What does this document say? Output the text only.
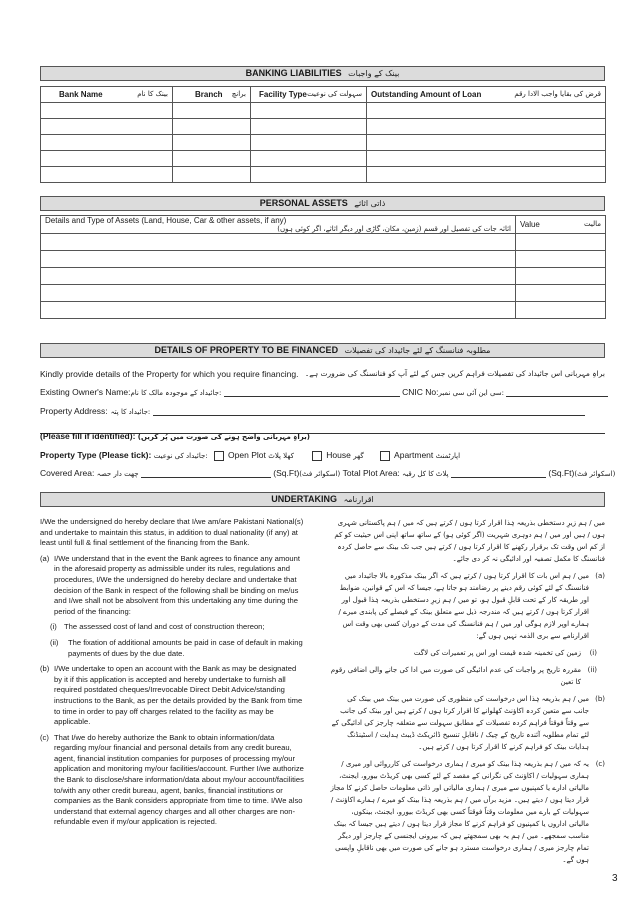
BANKING LIABILITIES بینک کے واجبات
Bank Name بینک کا نام	Branch برانچ	Facility Type سہولت کی نوعیت	Outstanding Amount of Loan قرض کی بقایا واجب الادا رقم

PERSONAL ASSETS ذاتی اثاثے
Details and Type of Assets (Land, House, Car & other assets, if any)
اثاثہ جات کی تفصیل اور قسم (زمین، مکان، گاڑی اور دیگر اثاثے، اگر کوئی ہوں)	Value مالیت

DETAILS OF PROPERTY TO BE FINANCED مطلوبہ فنانسنگ کے لئے جائیداد کی تفصیلات
Kindly provide details of the Property for which you require financing. براہِ مہربانی اس جائیداد کی تفصیلات فراہم کریں جس کے لئے آپ کو فنانسنگ کی ضرورت ہے۔
Existing Owner's Name:جائیداد کے موجودہ مالک کا نام:	CNIC No:سی این آئی سی نمبر:
Property Address: جائیداد کا پتہ:
(Please fill if identified): (براہِ مہربانی واضح ہونے کی صورت میں پُر کریں)
Property Type (Please tick): جائیداد کی نوعیت: Open Plot کھلا پلاٹ	House گھر	Apartment اپارٹمنٹ
Covered Area: چھت دار حصہ	(Sq.Ft)(اسکوائر فٹ) Total Plot Area: پلاٹ کا کل رقبہ	(Sq.Ft)(اسکوائر فٹ)
UNDERTAKING اقرارنامہ

I/We the undersigned do hereby declare that I/we am/are Pakistani National(s) and undertake to maintain this status, in addition to dual nationality (if any) at least until full & final settlement of the financing from the Bank.

(a) I/We understand that in the event the Bank agrees to finance any amount in the aforesaid property as admissible under its rules, regulations and procedures, I/We the undersigned do hereby declare and undertake that decision of the Bank in respect of the following shall be binding on me/us and I/we shall not be absolvent from this undertaking any time during the period of the financing:
(i) The assessed cost of land and cost of construction thereon;
(ii) The fixation of additional amounts be paid in case of default in making payments of dues by the due date.
(b) I/We undertake to open an account with the Bank as may be designated by it if this application is accepted and hereby undertake to furnish all required postdated cheques/Irrevocable Direct Debit Advice/standing instructions to the Bank, as per the details provided by the Bank from time to time in order to pay off charges related to the facility as may be applicable.
(c) That I/we do hereby authorize the Bank to obtain information/data regarding my/our financial and personal details from any credit bureau, agent, financial institution companies for purposes of processing my/our application and monitoring my/our facilities/account. Further I/we authorize the Bank to disclose/share information/data about my/our account/facilities to/with any other credit bureau, agent, banks, financial institutions or companies as the Bank considers appropriate from time to time. I/We also understand that external agency charges and all other charges are non-refundable even if my/our application is rejected.

میں / ہم زیرِ دستخطی بذریعہ ہٰذا اقرار کرتا ہوں / کرتے ہیں کہ میں / ہم پاکستانی شہری ہوں / ہیں اور میں / ہم دوہری شہریت (اگر کوئی ہو) کے ساتھ ساتھ اپنی اس حیثیت کو کم از کم اس وقت تک برقرار رکھنے کا اقرار کرتا ہوں / کرتے ہیں جب تک بینک سے حاصل کردہ فنانسنگ کا مکمل تصفیہ اور ادائیگی نہ کر دی جائے۔

(a)
میں / ہم اس بات کا اقرار کرتا ہوں / کرتے ہیں کہ اگر بینک مذکورہ بالا جائیداد میں فنانسنگ کے لئے کوئی رقم دینے پر رضامند ہو جاتا ہے، جیسا کہ اس کے قوانین، ضوابط اور طریقہ کار کے تحت قابلِ قبول ہو، تو میں / ہم زیرِ دستخطی بذریعہ ہٰذا قبول اور اقرار کرتا ہوں / کرتے ہیں کہ مندرجہ ذیل سے متعلق بینک کے فیصلے کی پابندی میرے / ہمارے اوپر لازم ہوگی اور میں / ہم فنانسنگ کی مدت کے دوران کسی بھی وقت اس اقرارنامے سے بری الذمہ نہیں ہوں گے:
(i)
زمین کی تخمینہ شدہ قیمت اور اس پر تعمیرات کی لاگت
(ii)
مقررہ تاریخ پر واجبات کی عدم ادائیگی کی صورت میں ادا کی جانے والی اضافی رقوم کا تعین
(b)
میں / ہم بذریعہ ہٰذا اس درخواست کی منظوری کی صورت میں بینک میں بینک کی جانب سے متعین کردہ اکاؤنٹ کھلوانے کا اقرار کرتا ہوں / کرتے ہیں اور بینک کی جانب سے وقتاً فوقتاً فراہم کردہ تفصیلات کے مطابق سہولت سے متعلقہ چارجز کی ادائیگی کے لئے تمام مطلوبہ آئندہ تاریخ کے چیک / ناقابلِ تنسیخ ڈائریکٹ ڈیبٹ ہدایت / اسٹینڈنگ ہدایات بینک کو فراہم کرنے کا اقرار کرتا ہوں / کرتے ہیں۔
(c)
یہ کہ میں / ہم بذریعہ ہٰذا بینک کو میری / ہماری درخواست کی کارروائی اور میری / ہماری سہولیات / اکاؤنٹ کی نگرانی کے مقصد کے لئے کسی بھی کریڈٹ بیورو، ایجنٹ، مالیاتی ادارے یا کمپنیوں سے میری / ہماری مالیاتی اور ذاتی معلومات حاصل کرنے کا مجاز قرار دیتا ہوں / دیتے ہیں۔ مزید برآں میں / ہم بذریعہ ہٰذا بینک کو میرے / ہمارے اکاؤنٹ / سہولیات کے بارے میں معلومات وقتاً فوقتاً کسی بھی کریڈٹ بیورو، ایجنٹ، بینکوں، مالیاتی اداروں یا کمپنیوں کو فراہم کرنے کا مجاز قرار دیتا ہوں / دیتے ہیں جیسا کہ بینک مناسب سمجھے۔ میں / ہم یہ بھی سمجھتے ہیں کہ بیرونی ایجنسی کے چارجز اور دیگر تمام چارجز میری / ہماری درخواست مسترد ہو جانے کی صورت میں بھی ناقابلِ واپسی ہوں گے۔
3
